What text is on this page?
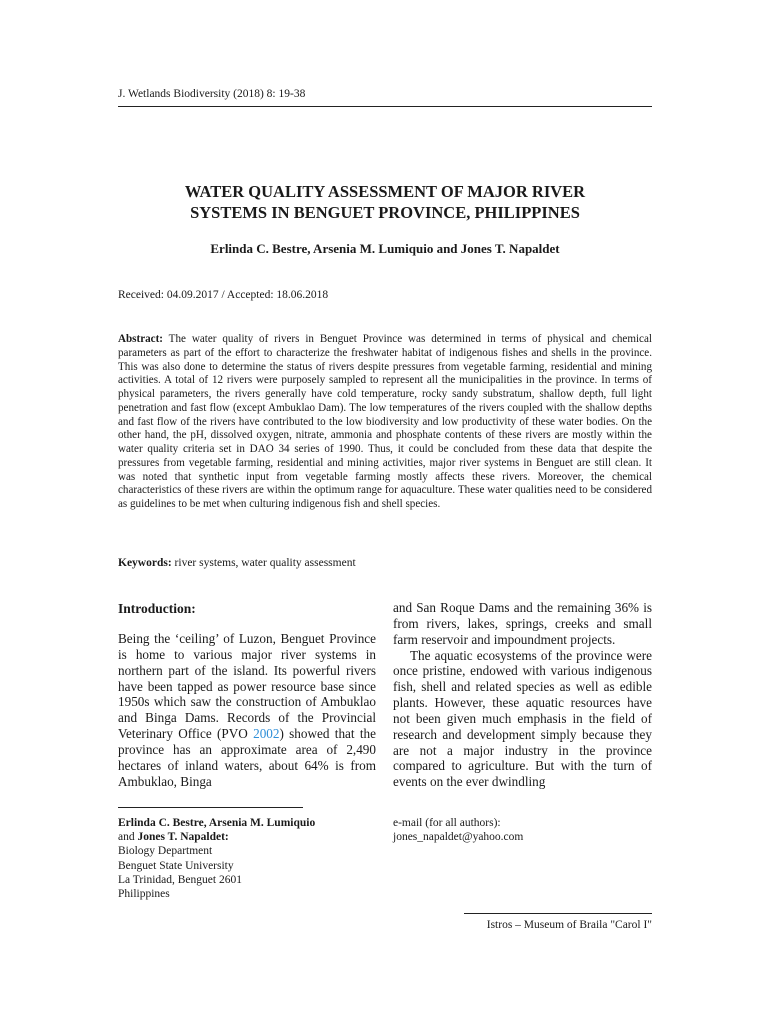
J. Wetlands Biodiversity (2018) 8: 19-38
WATER QUALITY ASSESSMENT OF MAJOR RIVER
SYSTEMS IN BENGUET PROVINCE, PHILIPPINES
Erlinda C. Bestre, Arsenia M. Lumiquio and Jones T. Napaldet
Received: 04.09.2017 / Accepted: 18.06.2018
Abstract: The water quality of rivers in Benguet Province was determined in terms of physical and chemical parameters as part of the effort to characterize the freshwater habitat of indigenous fishes and shells in the province. This was also done to determine the status of rivers despite pressures from vegetable farming, residential and mining activities. A total of 12 rivers were purposely sampled to represent all the municipalities in the province. In terms of physical parameters, the rivers generally have cold temperature, rocky sandy substratum, shallow depth, full light penetration and fast flow (except Ambuklao Dam). The low temperatures of the rivers coupled with the shallow depths and fast flow of the rivers have contributed to the low biodiversity and low productivity of these water bodies. On the other hand, the pH, dissolved oxygen, nitrate, ammonia and phosphate contents of these rivers are mostly within the water quality criteria set in DAO 34 series of 1990. Thus, it could be concluded from these data that despite the pressures from vegetable farming, residential and mining activities, major river systems in Benguet are still clean. It was noted that synthetic input from vegetable farming mostly affects these rivers. Moreover, the chemical characteristics of these rivers are within the optimum range for aquaculture. These water qualities need to be considered as guidelines to be met when culturing indigenous fish and shell species.
Keywords: river systems, water quality assessment
Introduction:
Being the ‘ceiling’ of Luzon, Benguet Province is home to various major river systems in northern part of the island. Its powerful rivers have been tapped as power resource base since 1950s which saw the construction of Ambuklao and Binga Dams. Records of the Provincial Veterinary Office (PVO 2002) showed that the province has an approximate area of 2,490 hectares of inland waters, about 64% is from Ambuklao, Binga
and San Roque Dams and the remaining 36% is from rivers, lakes, springs, creeks and small farm reservoir and impoundment projects.
The aquatic ecosystems of the province were once pristine, endowed with various indigenous fish, shell and related species as well as edible plants. However, these aquatic resources have not been given much emphasis in the field of research and development simply because they are not a major industry in the province compared to agriculture. But with the turn of events on the ever dwindling
Erlinda C. Bestre, Arsenia M. Lumiquio
and Jones T. Napaldet:
Biology Department
Benguet State University
La Trinidad, Benguet 2601
Philippines
e-mail (for all authors):
jones_napaldet@yahoo.com
Istros – Museum of Braila "Carol I"
